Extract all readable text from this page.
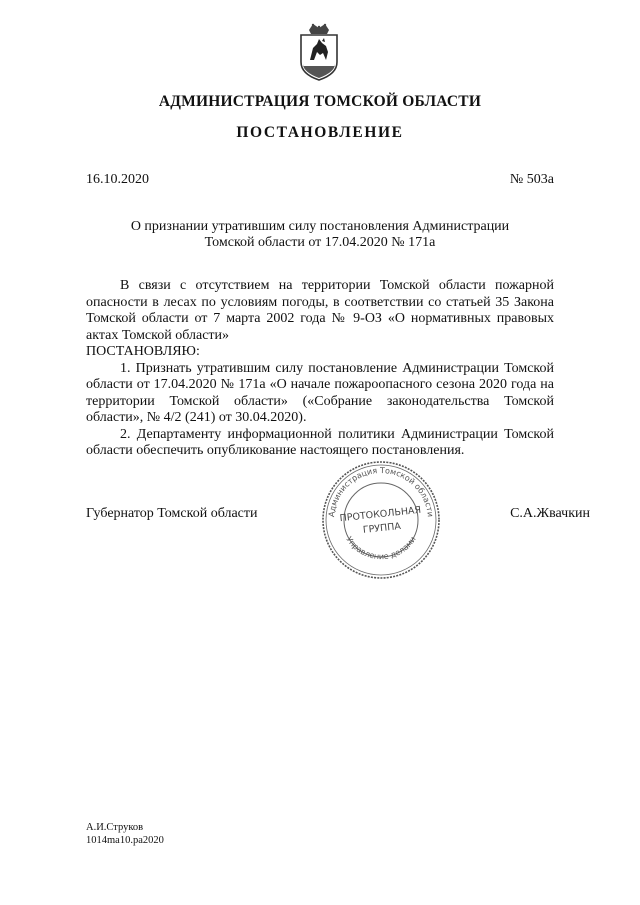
АДМИНИСТРАЦИЯ ТОМСКОЙ ОБЛАСТИ
ПОСТАНОВЛЕНИЕ
16.10.2020	№ 503а
О признании утратившим силу постановления Администрации
Томской области от 17.04.2020 № 171а

В связи с отсутствием на территории Томской области пожарной опасности в лесах по условиям погоды, в соответствии со статьей 35 Закона Томской области от 7 марта 2002 года № 9-ОЗ «О нормативных правовых актах Томской области»

ПОСТАНОВЛЯЮ:

1. Признать утратившим силу постановление Администрации Томской области от 17.04.2020 № 171а «О начале пожароопасного сезона 2020 года на территории Томской области» («Собрание законодательства Томской области», № 4/2 (241) от 30.04.2020).

2. Департаменту информационной политики Администрации Томской области обеспечить опубликование настоящего постановления.

Губернатор Томской области	С.А.Жвачкин
Администрация Томской области
Управление делами
ПРОТОКОЛЬНАЯ
ГРУППА
А.И.Струков
1014ma10.pa2020
